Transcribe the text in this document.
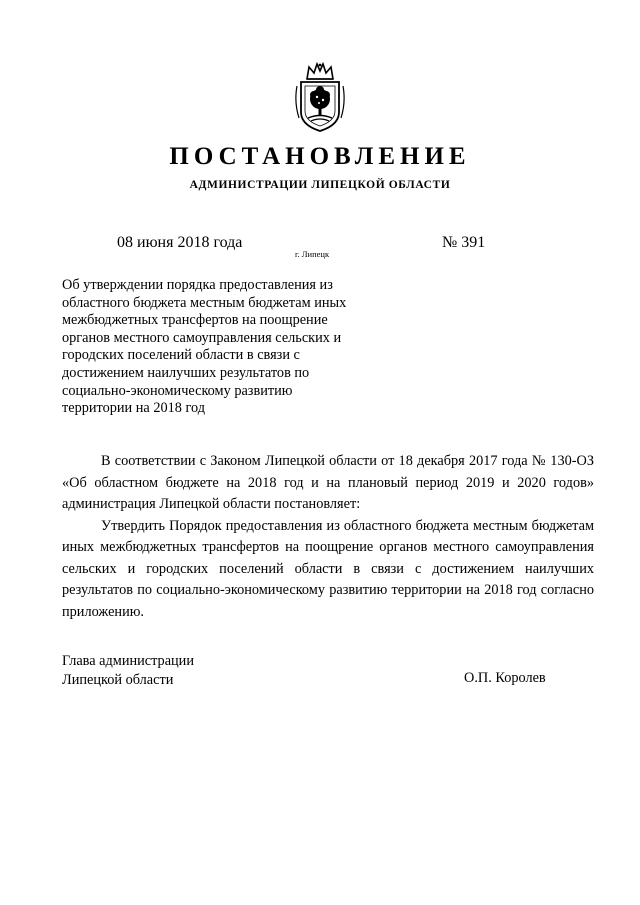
ПОСТАНОВЛЕНИЕ
АДМИНИСТРАЦИИ ЛИПЕЦКОЙ ОБЛАСТИ
08 июня 2018 года
г. Липецк
№ 391
Об утверждении порядка предоставления из
областного бюджета местным бюджетам иных
межбюджетных трансфертов на поощрение
органов местного самоуправления сельских и
городских поселений области в связи с
достижением наилучших результатов по
социально-экономическому развитию
территории на 2018 год

В соответствии с Законом Липецкой области от 18 декабря 2017 года № 130-ОЗ «Об областном бюджете на 2018 год и на плановый период 2019 и 2020 годов» администрация Липецкой области постановляет:

Утвердить Порядок предоставления из областного бюджета местным бюджетам иных межбюджетных трансфертов на поощрение органов местного самоуправления сельских и городских поселений области в связи с достижением наилучших результатов по социально-экономическому развитию территории на 2018 год согласно приложению.

Глава администрации
Липецкой области	О.П. Королев
